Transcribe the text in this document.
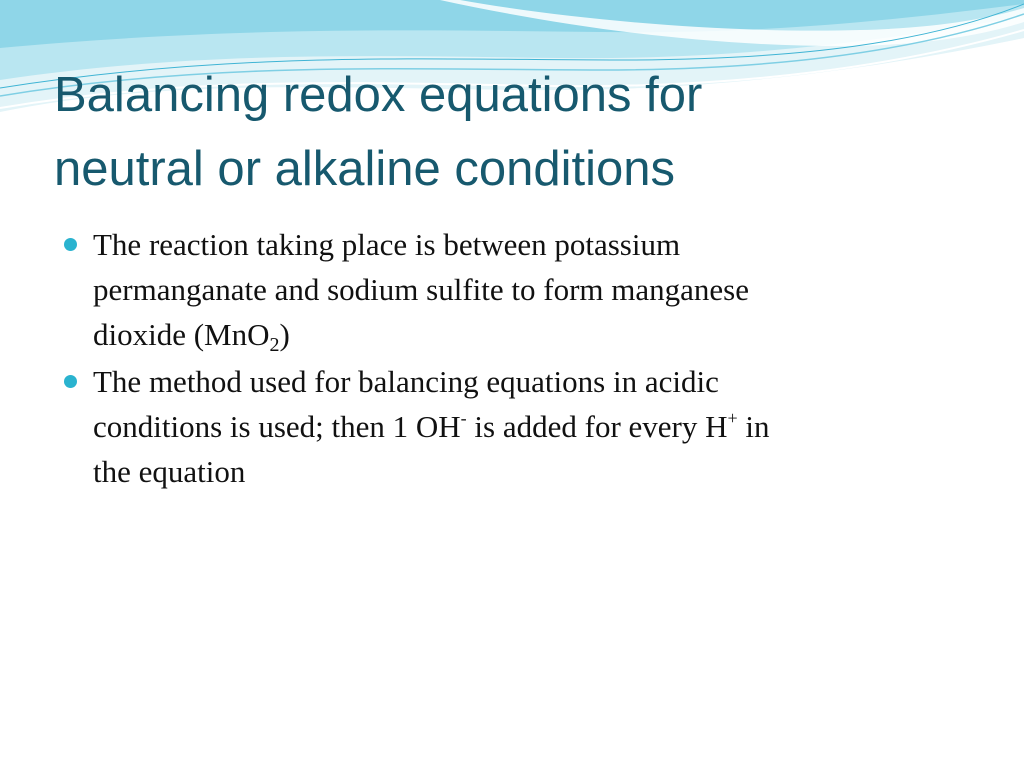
Balancing redox equations for
neutral or alkaline conditions
The reaction taking place is between potassium
permanganate and sodium sulfite to form manganese
dioxide (MnO$_2$)
The method used for balancing equations in acidic
conditions is used; then 1 OH- is added for every H+ in
the equation
